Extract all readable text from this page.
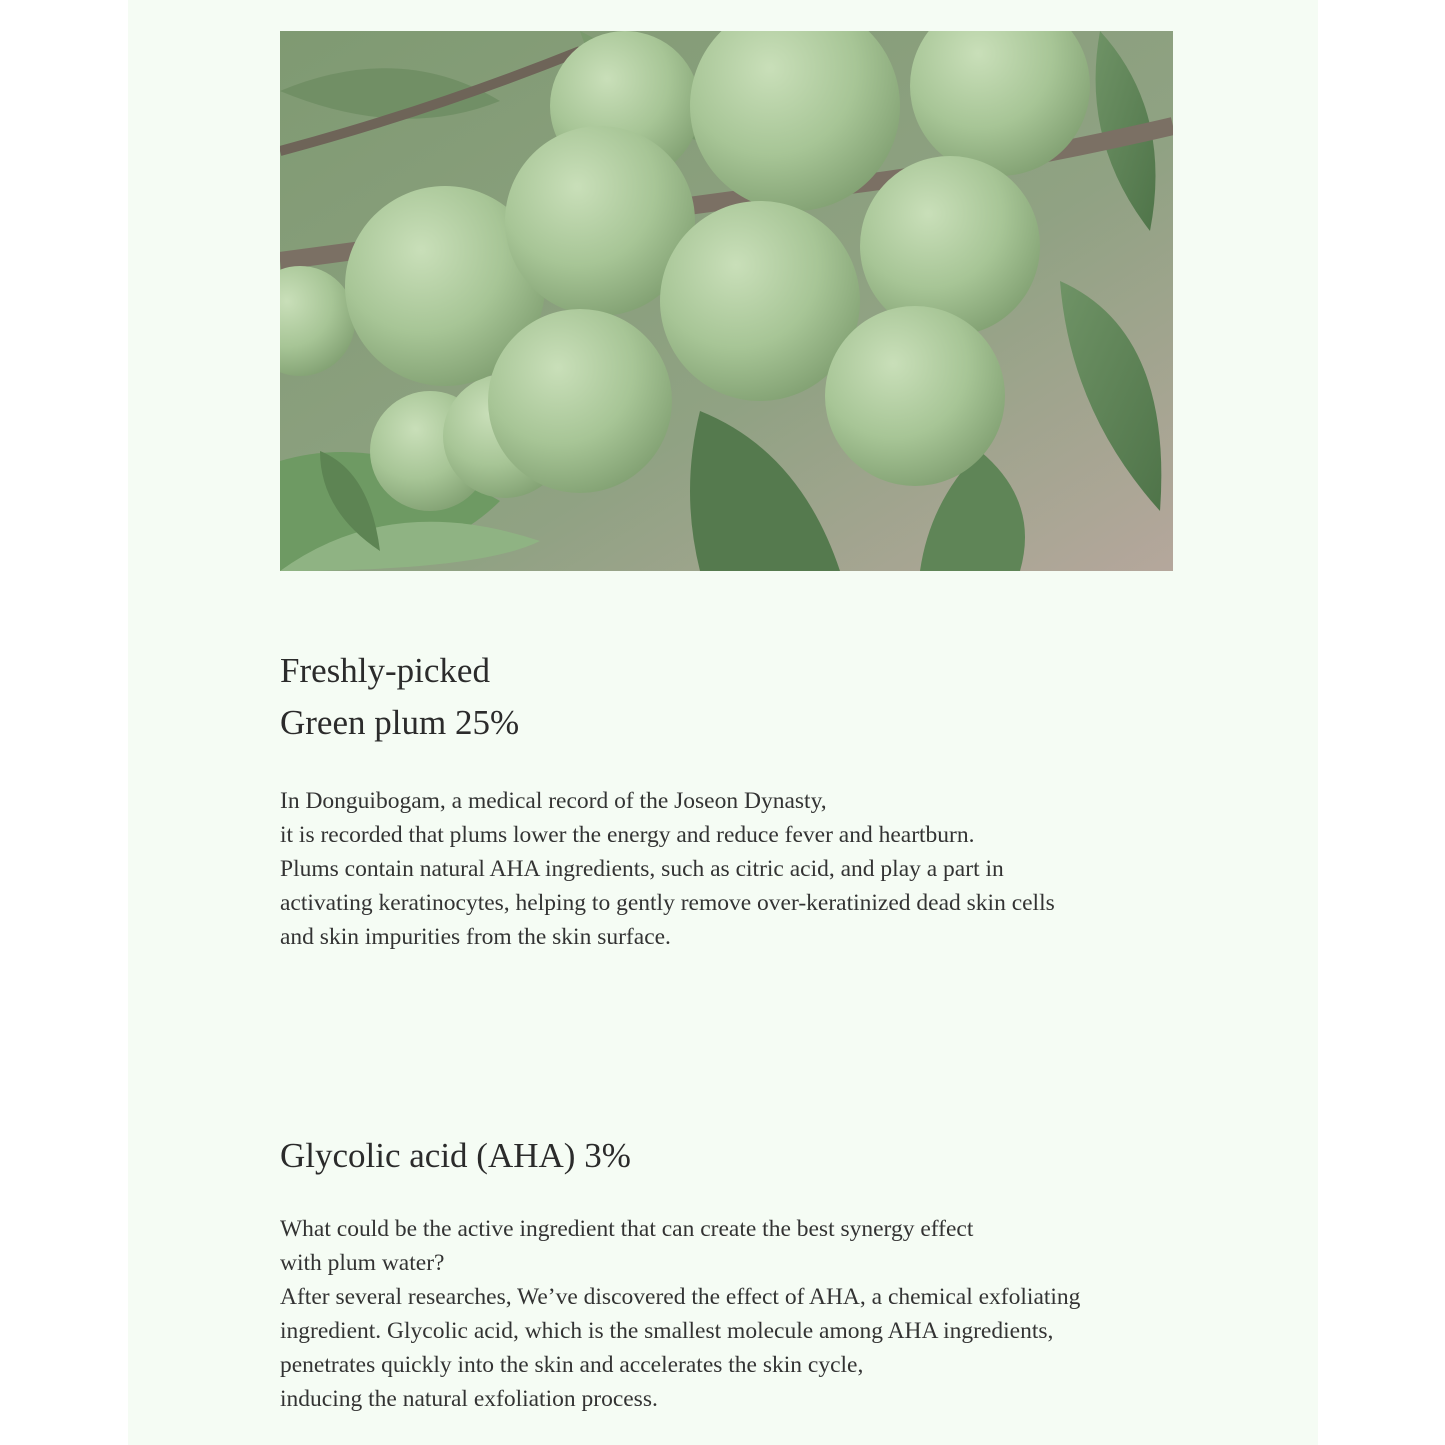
Freshly-picked
Green plum 25%

In Donguibogam, a medical record of the Joseon Dynasty,
it is recorded that plums lower the energy and reduce fever and heartburn.
Plums contain natural AHA ingredients, such as citric acid, and play a part in
activating keratinocytes, helping to gently remove over-keratinized dead skin cells
and skin impurities from the skin surface.

Glycolic acid (AHA) 3%

What could be the active ingredient that can create the best synergy effect
with plum water?
After several researches, We’ve discovered the effect of AHA, a chemical exfoliating
ingredient. Glycolic acid, which is the smallest molecule among AHA ingredients,
penetrates quickly into the skin and accelerates the skin cycle,
inducing the natural exfoliation process.
